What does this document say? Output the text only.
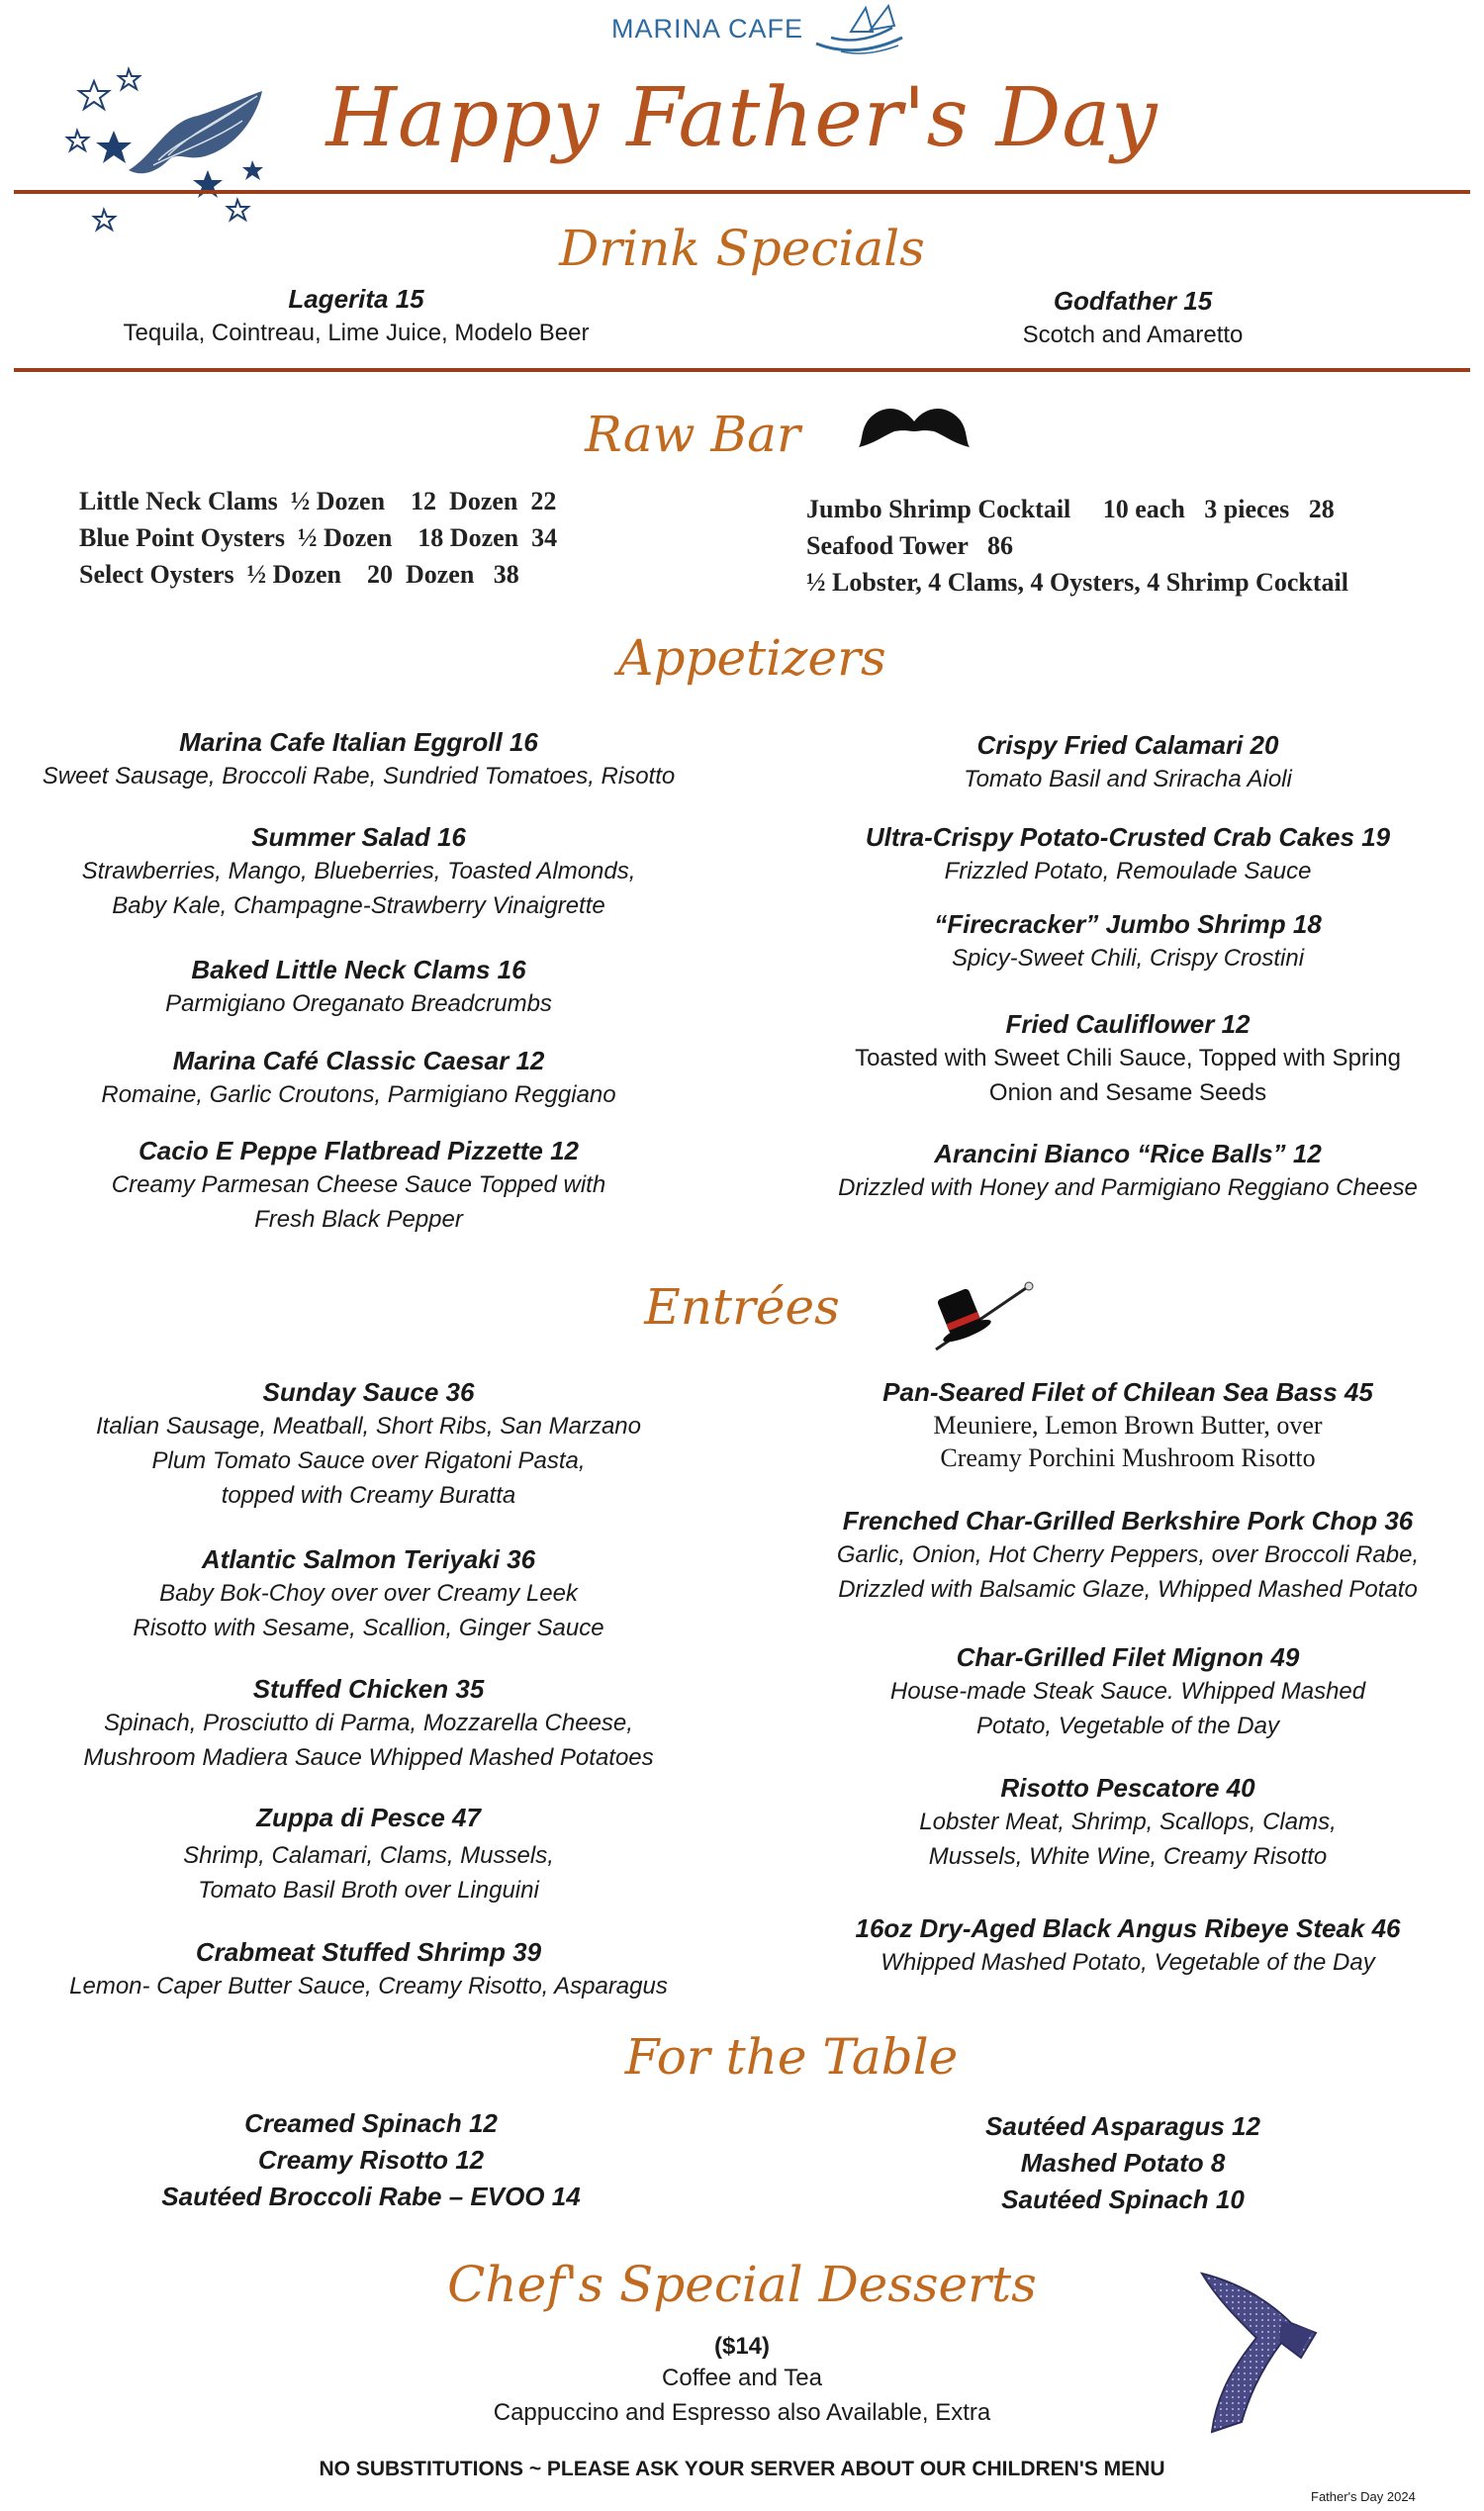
MARINA CAFE
Happy Father's Day
Drink Specials
Lagerita 15
Tequila, Cointreau, Lime Juice, Modelo Beer
Godfather 15
Scotch and Amaretto
Raw Bar
Little Neck Clams  ½ Dozen    12  Dozen  22
Blue Point Oysters  ½ Dozen    18 Dozen  34
Select Oysters  ½ Dozen    20  Dozen   38
Jumbo Shrimp Cocktail     10 each   3 pieces   28
Seafood Tower   86
½ Lobster, 4 Clams, 4 Oysters, 4 Shrimp Cocktail
Appetizers
Marina Cafe Italian Eggroll 16
Sweet Sausage, Broccoli Rabe, Sundried Tomatoes, Risotto
Summer Salad 16
Strawberries, Mango, Blueberries, Toasted Almonds,
Baby Kale, Champagne-Strawberry Vinaigrette
Baked Little Neck Clams 16
Parmigiano Oreganato Breadcrumbs
Marina Café Classic Caesar 12
Romaine, Garlic Croutons, Parmigiano Reggiano
Cacio E Peppe Flatbread Pizzette 12
Creamy Parmesan Cheese Sauce Topped with
Fresh Black Pepper
Crispy Fried Calamari 20
Tomato Basil and Sriracha Aioli
Ultra-Crispy Potato-Crusted Crab Cakes 19
Frizzled Potato, Remoulade Sauce
“Firecracker” Jumbo Shrimp 18
Spicy-Sweet Chili, Crispy Crostini
Fried Cauliflower 12
Toasted with Sweet Chili Sauce, Topped with Spring
Onion and Sesame Seeds
Arancini Bianco “Rice Balls” 12
Drizzled with Honey and Parmigiano Reggiano Cheese
Entrées
Sunday Sauce 36
Italian Sausage, Meatball, Short Ribs, San Marzano
Plum Tomato Sauce over Rigatoni Pasta,
topped with Creamy Buratta
Atlantic Salmon Teriyaki 36
Baby Bok-Choy over over Creamy Leek
Risotto with Sesame, Scallion, Ginger Sauce
Stuffed Chicken 35
Spinach, Prosciutto di Parma, Mozzarella Cheese,
Mushroom Madiera Sauce Whipped Mashed Potatoes
Zuppa di Pesce 47
Shrimp, Calamari, Clams, Mussels,
Tomato Basil Broth over Linguini
Crabmeat Stuffed Shrimp 39
Lemon- Caper Butter Sauce, Creamy Risotto, Asparagus
Pan-Seared Filet of Chilean Sea Bass 45
Meuniere, Lemon Brown Butter, over
Creamy Porchini Mushroom Risotto
Frenched Char-Grilled Berkshire Pork Chop 36
Garlic, Onion, Hot Cherry Peppers, over Broccoli Rabe,
Drizzled with Balsamic Glaze, Whipped Mashed Potato
Char-Grilled Filet Mignon 49
House-made Steak Sauce. Whipped Mashed
Potato, Vegetable of the Day
Risotto Pescatore 40
Lobster Meat, Shrimp, Scallops, Clams,
Mussels, White Wine, Creamy Risotto
16oz Dry-Aged Black Angus Ribeye Steak 46
Whipped Mashed Potato, Vegetable of the Day
For the Table
Creamed Spinach 12
Creamy Risotto 12
Sautéed Broccoli Rabe – EVOO 14
Sautéed Asparagus 12
Mashed Potato 8
Sautéed Spinach 10
Chef's Special Desserts
($14)
Coffee and Tea
Cappuccino and Espresso also Available, Extra
NO SUBSTITUTIONS ~ PLEASE ASK YOUR SERVER ABOUT OUR CHILDREN'S MENU
Father's Day 2024
